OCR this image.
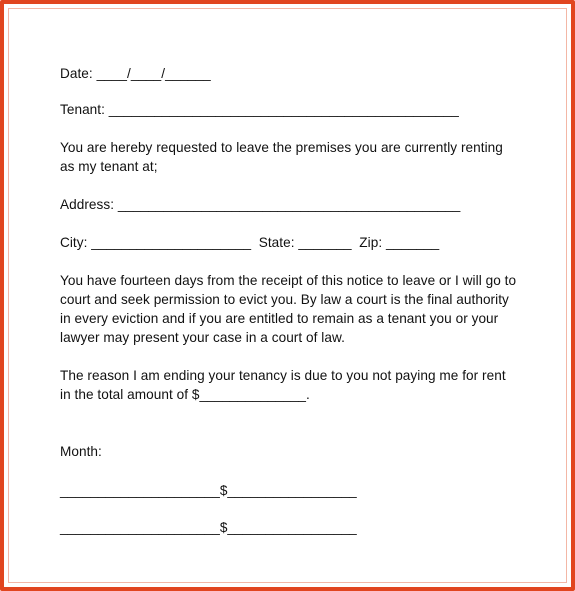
Date: ____/____/______

Tenant: ______________________________________________

You are hereby requested to leave the premises you are currently renting

as my tenant at;

Address: _____________________________________________

City: _____________________  State: _______  Zip: _______

You have fourteen days from the receipt of this notice to leave or I will go to

court and seek permission to evict you. By law a court is the final authority

in every eviction and if you are entitled to remain as a tenant you or your

lawyer may present your case in a court of law.

The reason I am ending your tenancy is due to you not paying me for rent

in the total amount of $______________.

Month:

_____________________$_________________

_____________________$_________________
